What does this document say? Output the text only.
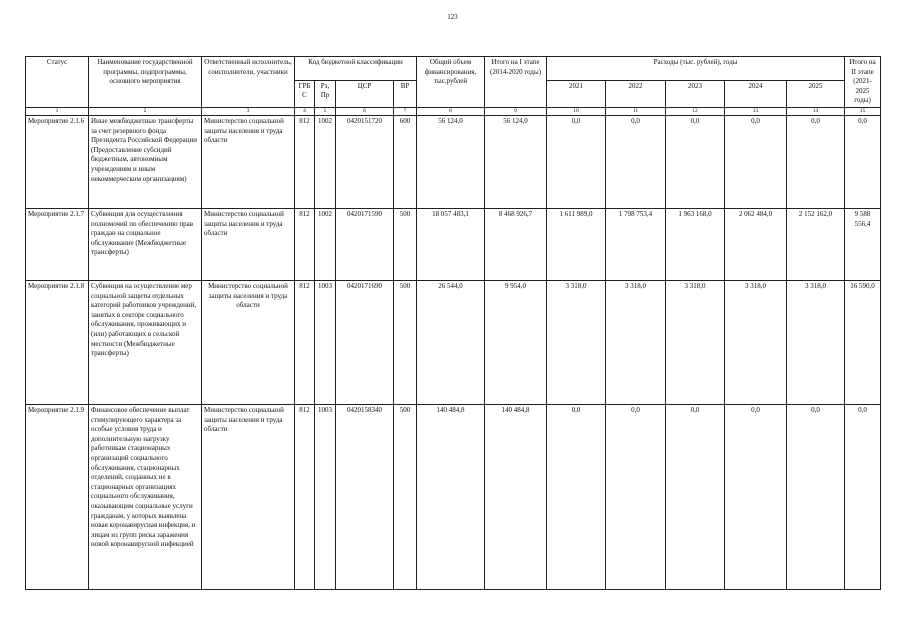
123
Статус	Наименование государственной программы, подпрограммы, основного мероприятия	Ответственный исполнитель, соисполнители, участники	Код бюджетной классификации				Общий объем финансирования, тыс.рублей	Итого на I этапе (2014-2020 годы)	Расходы (тыс. рублей), годы					Итого на II этапе (2021-2025 годы)
			ГРБС	Рз, Пр	ЦСР	ВР			2021	2022	2023	2024	2025	
1	2	3	4	5	6	7	8	9	10	11	12	13	14	15
Мероприятие 2.1.6	Иные межбюджетные трансферты за счет резервного фонда Президента Российской Федерации (Предоставление субсидий бюджетным, автономным учреждениям и иным некоммерческим организациям)	Министерство социальной защиты населения и труда области	812	1002	0420151720	600	56 124,0	56 124,0	0,0	0,0	0,0	0,0	0,0	0,0
Мероприятие 2.1.7	Субвенция для осуществления полномочий по обеспечению прав граждан на социальное обслуживание (Межбюджетные трансферты)	Министерство социальной защиты населения и труда области	812	1002	0420171590	500	18 057 483,1	8 468 926,7	1 611 989,0	1 798 753,4	1 963 168,0	2 062 484,0	2 152 162,0	9 588 556,4
Мероприятие 2.1.8	Субвенция на осуществление мер социальной защиты отдельных категорий работников учреждений, занятых в секторе социального обслуживания, проживающих и (или) работающих в сельской местности (Межбюджетные трансферты)	Министерство социальной защиты населения и труда области	812	1003	0420171690	500	26 544,0	9 954,0	3 318,0	3 318,0	3 318,0	3 318,0	3 318,0	16 590,0
Мероприятие 2.1.9	Финансовое обеспечение выплат стимулирующего характера за особые условия труда и дополнительную нагрузку работникам стационарных организаций социального обслуживания, стационарных отделений, созданных не в стационарных организациях социального обслуживания, оказывающим социальные услуги гражданам, у которых выявлена новая коронавирусная инфекция, и лицам из групп риска заражения новой коронавирусной инфекцией	Министерство социальной защиты населения и труда области	812	1003	0420158340	500	140 484,8	140 484,8	0,0	0,0	0,0	0,0	0,0	0,0
